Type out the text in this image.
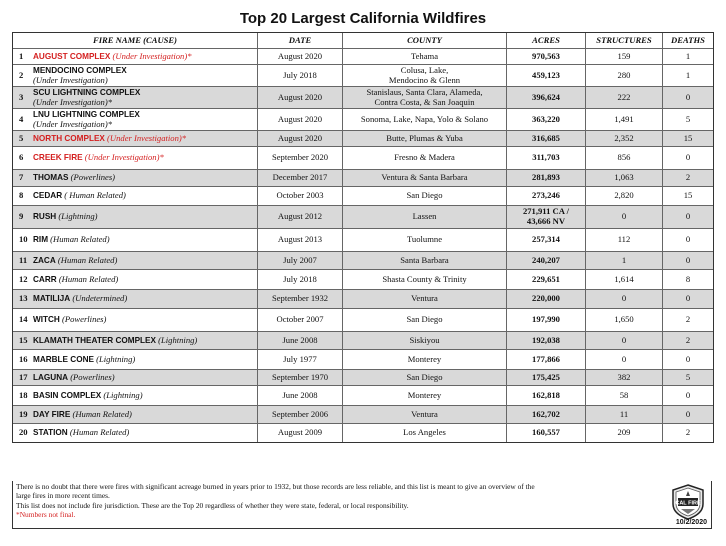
Top 20 Largest California Wildfires
FIRE NAME (CAUSE)	DATE	COUNTY	ACRES	STRUCTURES	DEATHS
1	AUGUST COMPLEX (Under Investigation)*	August 2020	Tehama	970,563	159	1
2	MENDOCINO COMPLEX
(Under Investigation)	July 2018	Colusa, Lake,
Mendocino & Glenn	459,123	280	1
3	SCU LIGHTNING COMPLEX
(Under Investigation)*	August 2020	Stanislaus, Santa Clara, Alameda,
Contra Costa, & San Joaquin	396,624	222	0
4	LNU LIGHTNING COMPLEX
(Under Investigation)*	August 2020	Sonoma, Lake, Napa, Yolo & Solano	363,220	1,491	5
5	NORTH COMPLEX (Under Investigation)*	August 2020	Butte, Plumas & Yuba	316,685	2,352	15
6	CREEK FIRE (Under Investigation)*	September 2020	Fresno & Madera	311,703	856	0
7	THOMAS (Powerlines)	December 2017	Ventura & Santa Barbara	281,893	1,063	2
8	CEDAR ( Human Related)	October 2003	San Diego	273,246	2,820	15
9	RUSH (Lightning)	August 2012	Lassen	271,911 CA /
43,666 NV	0	0
10 RIM (Human Related)	August 2013	Tuolumne	257,314	112	0
11 ZACA (Human Related)	July 2007	Santa Barbara	240,207	1	0
12 CARR (Human Related)	July 2018	Shasta County & Trinity	229,651	1,614	8
13 MATILIJA (Undetermined)	September 1932	Ventura	220,000	0	0
14 WITCH (Powerlines)	October 2007	San Diego	197,990	1,650	2
15 KLAMATH THEATER COMPLEX (Lightning)	June 2008	Siskiyou	192,038	0	2
16 MARBLE CONE (Lightning)	July 1977	Monterey	177,866	0	0
17 LAGUNA (Powerlines)	September 1970	San Diego	175,425	382	5
18 BASIN COMPLEX (Lightning)	June 2008	Monterey	162,818	58	0
19 DAY FIRE (Human Related)	September 2006	Ventura	162,702	11	0
20 STATION (Human Related)	August 2009	Los Angeles	160,557	209	2
There is no doubt that there were fires with significant acreage burned in years prior to 1932, but those records are less reliable, and this list is meant to give an overview of the
large fires in more recent times.
This list does not include fire jurisdiction. These are the Top 20 regardless of whether they were state, federal, or local responsibility.
*Numbers not final.
CAL FIRE
10/2/2020
